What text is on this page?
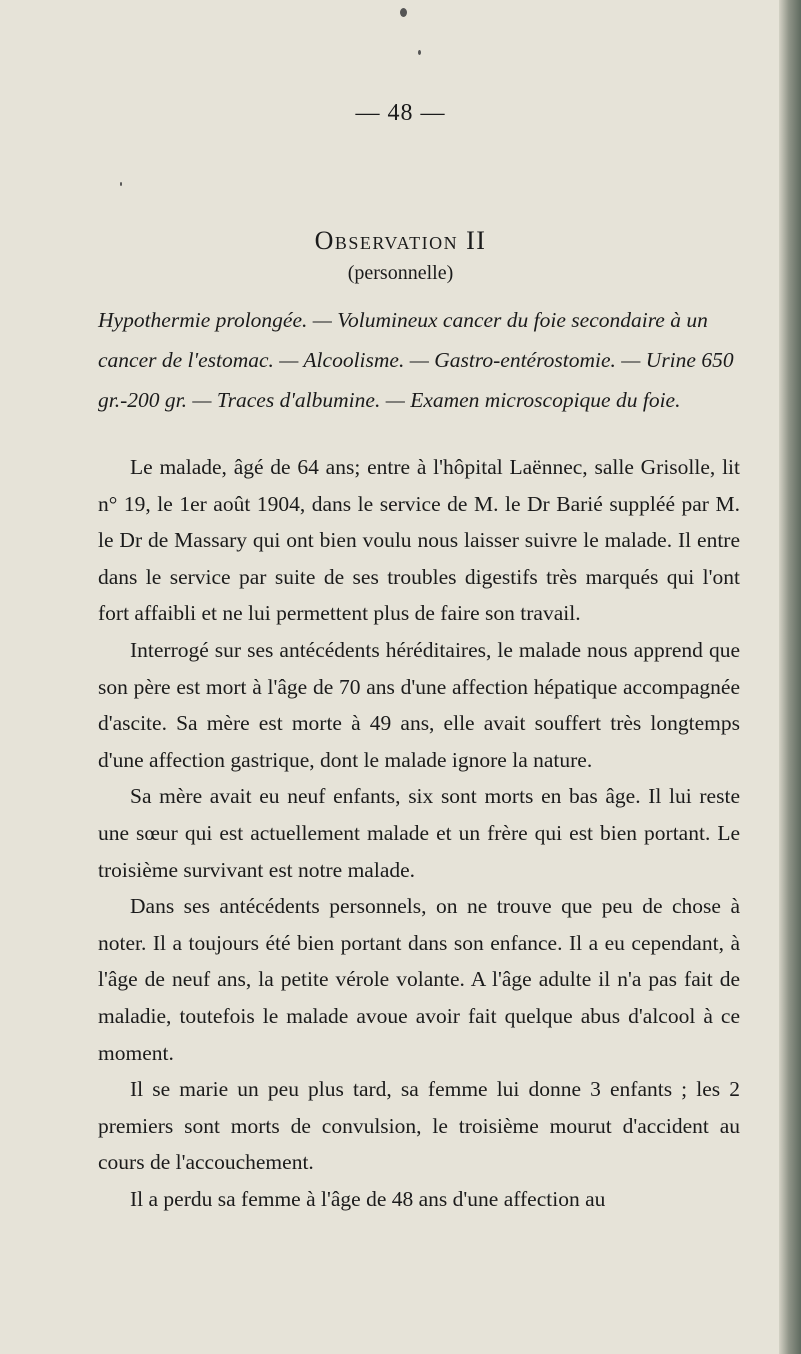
— 48 —
Observation II
(personnelle)

Hypothermie prolongée. — Volumineux cancer du foie secondaire à un cancer de l'estomac. — Alcoolisme. — Gastro-entérostomie. — Urine 650 gr.-200 gr. — Traces d'albumine. — Examen microscopique du foie.

Le malade, âgé de 64 ans; entre à l'hôpital Laënnec, salle Grisolle, lit n° 19, le 1er août 1904, dans le service de M. le Dr Barié suppléé par M. le Dr de Massary qui ont bien voulu nous laisser suivre le malade. Il entre dans le service par suite de ses troubles digestifs très marqués qui l'ont fort affaibli et ne lui permettent plus de faire son travail.

Interrogé sur ses antécédents héréditaires, le malade nous apprend que son père est mort à l'âge de 70 ans d'une affection hépatique accompagnée d'ascite. Sa mère est morte à 49 ans, elle avait souffert très longtemps d'une affection gastrique, dont le malade ignore la nature.

Sa mère avait eu neuf enfants, six sont morts en bas âge. Il lui reste une sœur qui est actuellement malade et un frère qui est bien portant. Le troisième survivant est notre malade.

Dans ses antécédents personnels, on ne trouve que peu de chose à noter. Il a toujours été bien portant dans son enfance. Il a eu cependant, à l'âge de neuf ans, la petite vérole volante. A l'âge adulte il n'a pas fait de maladie, toutefois le malade avoue avoir fait quelque abus d'alcool à ce moment.

Il se marie un peu plus tard, sa femme lui donne 3 enfants ; les 2 premiers sont morts de convulsion, le troisième mourut d'accident au cours de l'accouchement.

Il a perdu sa femme à l'âge de 48 ans d'une affection au
